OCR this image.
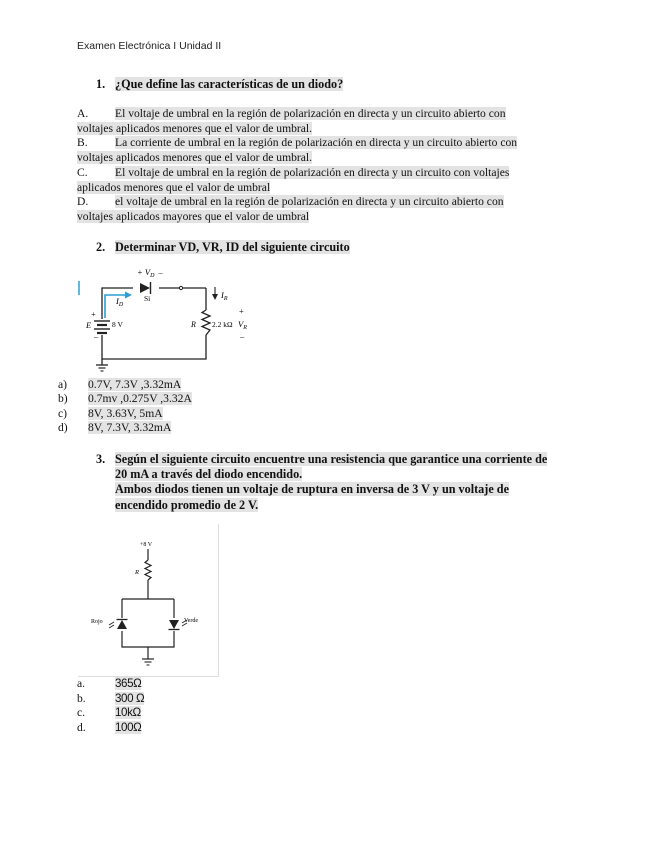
Examen Electrónica I Unidad II
1. ¿Que define las características de un diodo?
A. El voltaje de umbral en la región de polarización en directa y un circuito abierto con
voltajes aplicados menores que el valor de umbral.
B. La corriente de umbral en la región de polarización en directa y un circuito abierto con
voltajes aplicados menores que el valor de umbral.
C. El voltaje de umbral en la región de polarización en directa y un circuito con voltajes
aplicados menores que el valor de umbral
D. el voltaje de umbral en la región de polarización en directa y un circuito abierto con
voltajes aplicados mayores que el valor de umbral
2. Determinar VD, VR, ID del siguiente circuito
+ $V_D$ –
Si
$I_D$
$I_R$
+
–
E	8 V	R 2.2 kΩ
+
$V_R$
–
a) 0.7V, 7.3V ,3.32mA
b) 0.7mv ,0.275V ,3.32A
c) 8V, 3.63V, 5mA
d) 8V, 7.3V, 3.32mA
3. Según el siguiente circuito encuentre una resistencia que garantice una corriente de
20 mA a través del diodo encendido.
Ambos diodos tienen un voltaje de ruptura en inversa de 3 V y un voltaje de
encendido promedio de 2 V.
+8 V
R
Rojo	Verde
a.	365Ω
b.	300 Ω
c.	10kΩ
d.	100Ω
